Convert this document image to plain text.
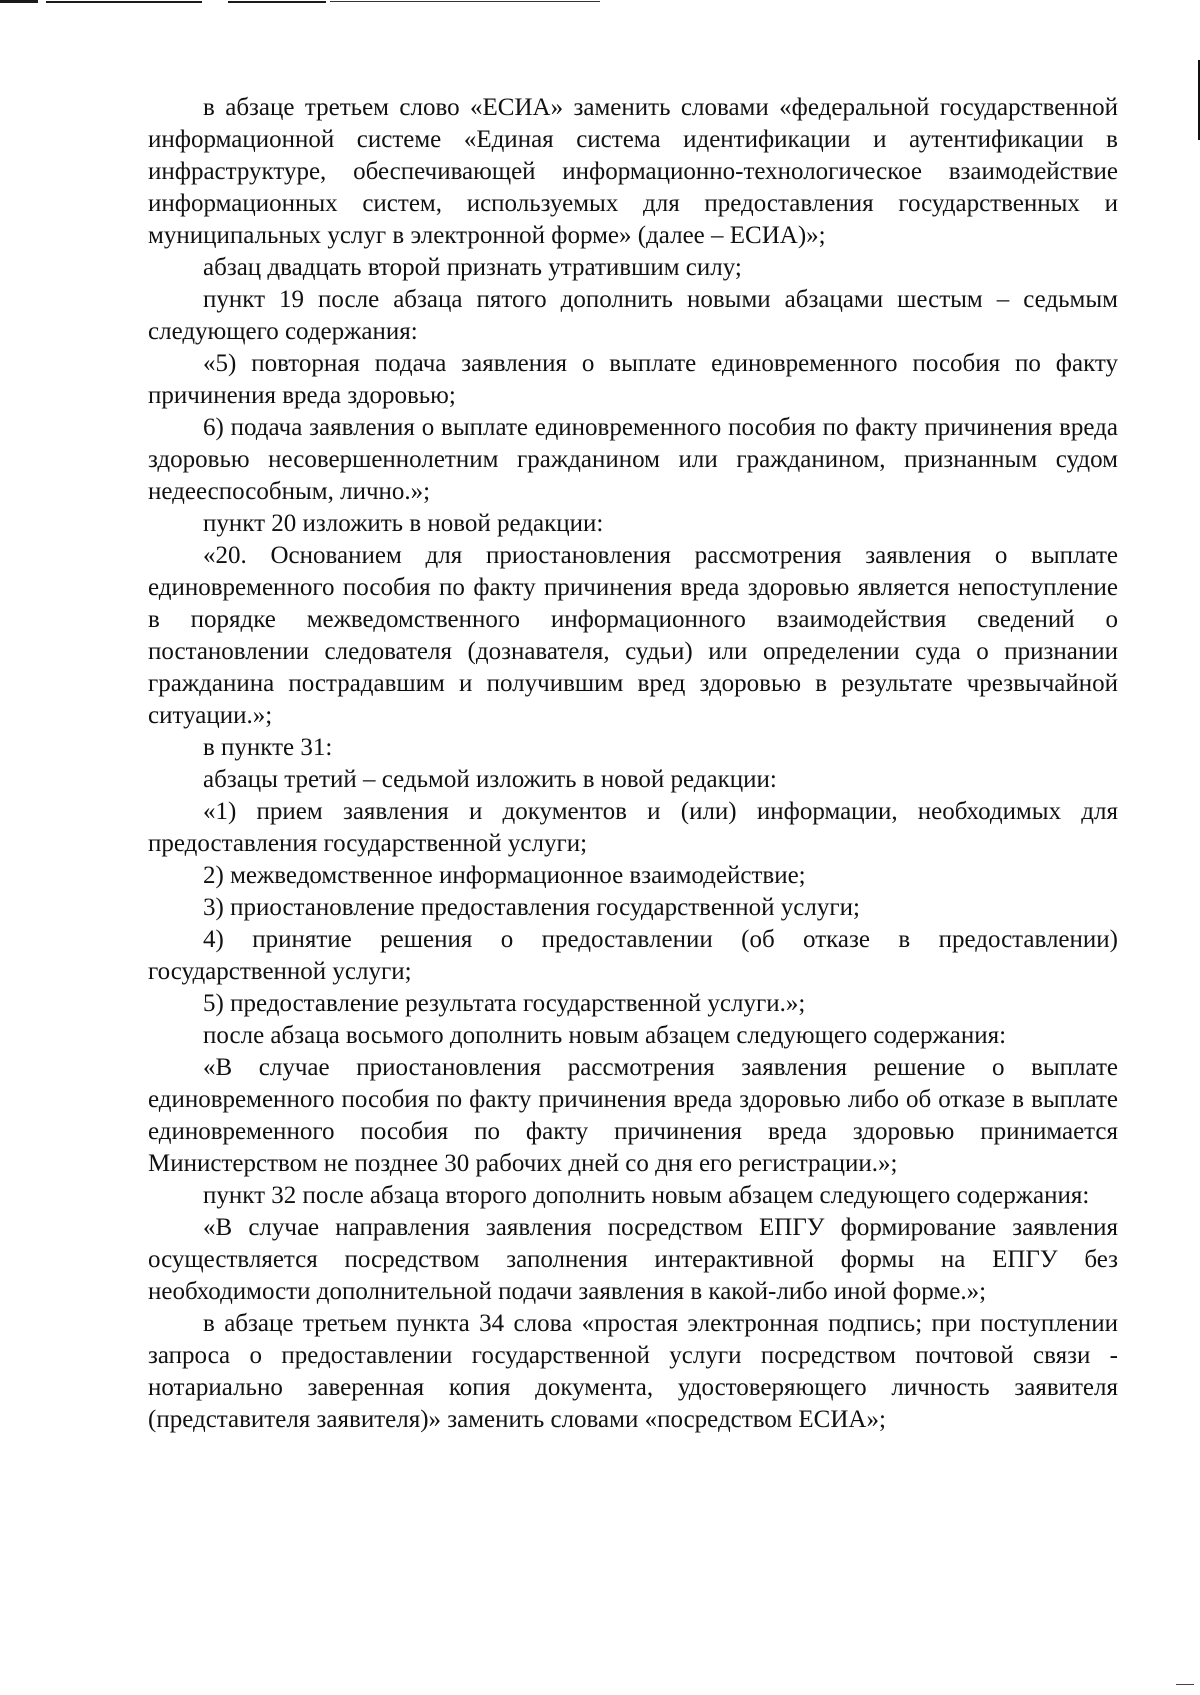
в абзаце третьем слово «ЕСИА» заменить словами «федеральной государственной информационной системе «Единая система идентификации и аутентификации в инфраструктуре, обеспечивающей информационно-технологическое взаимодействие информационных систем, используемых для предоставления государственных и муниципальных услуг в электронной форме» (далее – ЕСИА)»;

абзац двадцать второй признать утратившим силу;

пункт 19 после абзаца пятого дополнить новыми абзацами шестым – седьмым следующего содержания:

«5) повторная подача заявления о выплате единовременного пособия по факту причинения вреда здоровью;

6) подача заявления о выплате единовременного пособия по факту причинения вреда здоровью несовершеннолетним гражданином или гражданином, признанным судом недееспособным, лично.»;

пункт 20 изложить в новой редакции:

«20. Основанием для приостановления рассмотрения заявления о выплате единовременного пособия по факту причинения вреда здоровью является непоступление в порядке межведомственного информационного взаимодействия сведений о постановлении следователя (дознавателя, судьи) или определении суда о признании гражданина пострадавшим и получившим вред здоровью в результате чрезвычайной ситуации.»;

в пункте 31:

абзацы третий – седьмой изложить в новой редакции:

«1) прием заявления и документов и (или) информации, необходимых для предоставления государственной услуги;

2) межведомственное информационное взаимодействие;

3) приостановление предоставления государственной услуги;

4) принятие решения о предоставлении (об отказе в предоставлении) государственной услуги;

5) предоставление результата государственной услуги.»;

после абзаца восьмого дополнить новым абзацем следующего содержания:

«В случае приостановления рассмотрения заявления решение о выплате единовременного пособия по факту причинения вреда здоровью либо об отказе в выплате единовременного пособия по факту причинения вреда здоровью принимается Министерством не позднее 30 рабочих дней со дня его регистрации.»;

пункт 32 после абзаца второго дополнить новым абзацем следующего содержания:

«В случае направления заявления посредством ЕПГУ формирование заявления осуществляется посредством заполнения интерактивной формы на ЕПГУ без необходимости дополнительной подачи заявления в какой-либо иной форме.»;

в абзаце третьем пункта 34 слова «простая электронная подпись; при поступлении запроса о предоставлении государственной услуги посредством почтовой связи - нотариально заверенная копия документа, удостоверяющего личность заявителя (представителя заявителя)» заменить словами «посредством ЕСИА»;
